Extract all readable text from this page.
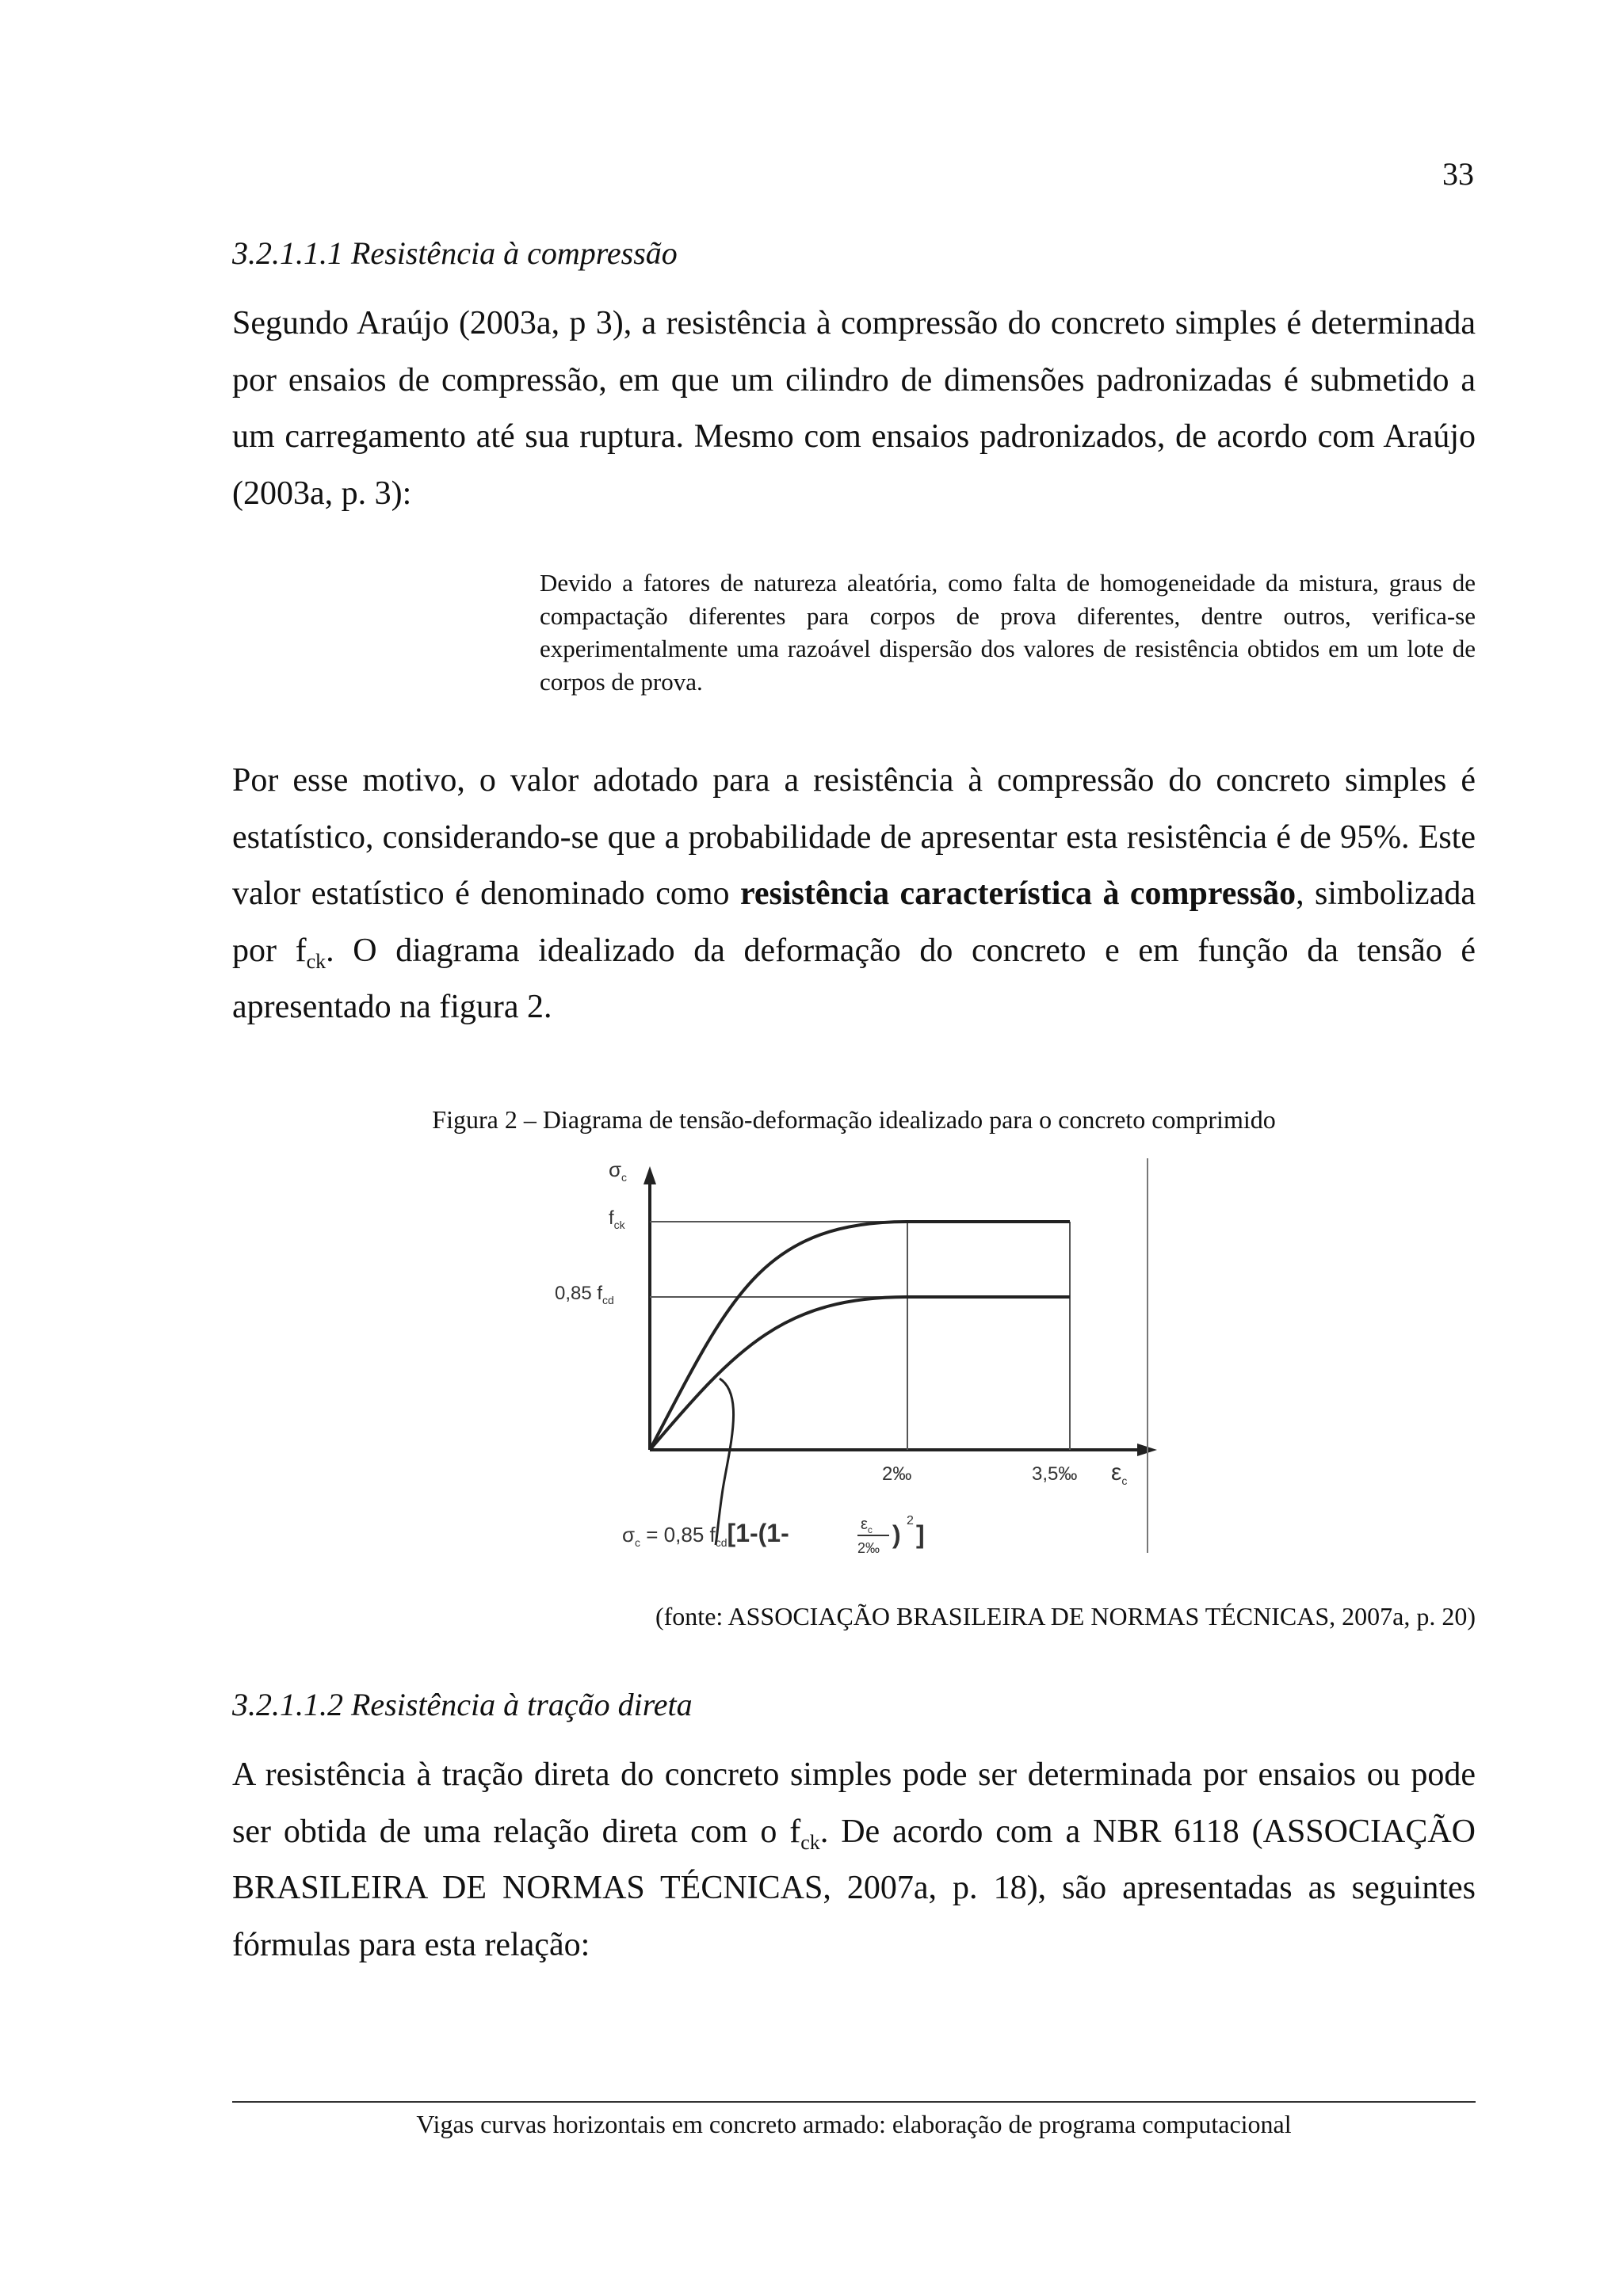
33
3.2.1.1.1 Resistência à compressão

Segundo Araújo (2003a, p 3), a resistência à compressão do concreto simples é determinada por ensaios de compressão, em que um cilindro de dimensões padronizadas é submetido a um carregamento até sua ruptura. Mesmo com ensaios padronizados, de acordo com Araújo (2003a, p. 3):

Devido a fatores de natureza aleatória, como falta de homogeneidade da mistura, graus de compactação diferentes para corpos de prova diferentes, dentre outros, verifica-se experimentalmente uma razoável dispersão dos valores de resistência obtidos em um lote de corpos de prova.

Por esse motivo, o valor adotado para a resistência à compressão do concreto simples é estatístico, considerando-se que a probabilidade de apresentar esta resistência é de 95%. Este valor estatístico é denominado como resistência característica à compressão, simbolizada por $f_{ck}$. O diagrama idealizado da deformação do concreto e em função da tensão é apresentado na figura 2.

Figura 2 – Diagrama de tensão-deformação idealizado para o concreto comprimido
$\sigma_c$
$f_{ck}$
0,85 $f_{cd}$
2‰	3,5‰ $\varepsilon_c$
$\sigma_c = 0,85$ $f_{cd}[1-(1-$	$\varepsilon_c$
2‰ ) 2 ]
(fonte: ASSOCIAÇÃO BRASILEIRA DE NORMAS TÉCNICAS, 2007a, p. 20)
3.2.1.1.2 Resistência à tração direta

A resistência à tração direta do concreto simples pode ser determinada por ensaios ou pode ser obtida de uma relação direta com o $f_{ck}$. De acordo com a NBR 6118 (ASSOCIAÇÃO BRASILEIRA DE NORMAS TÉCNICAS, 2007a, p. 18), são apresentadas as seguintes fórmulas para esta relação:

Vigas curvas horizontais em concreto armado: elaboração de programa computacional
